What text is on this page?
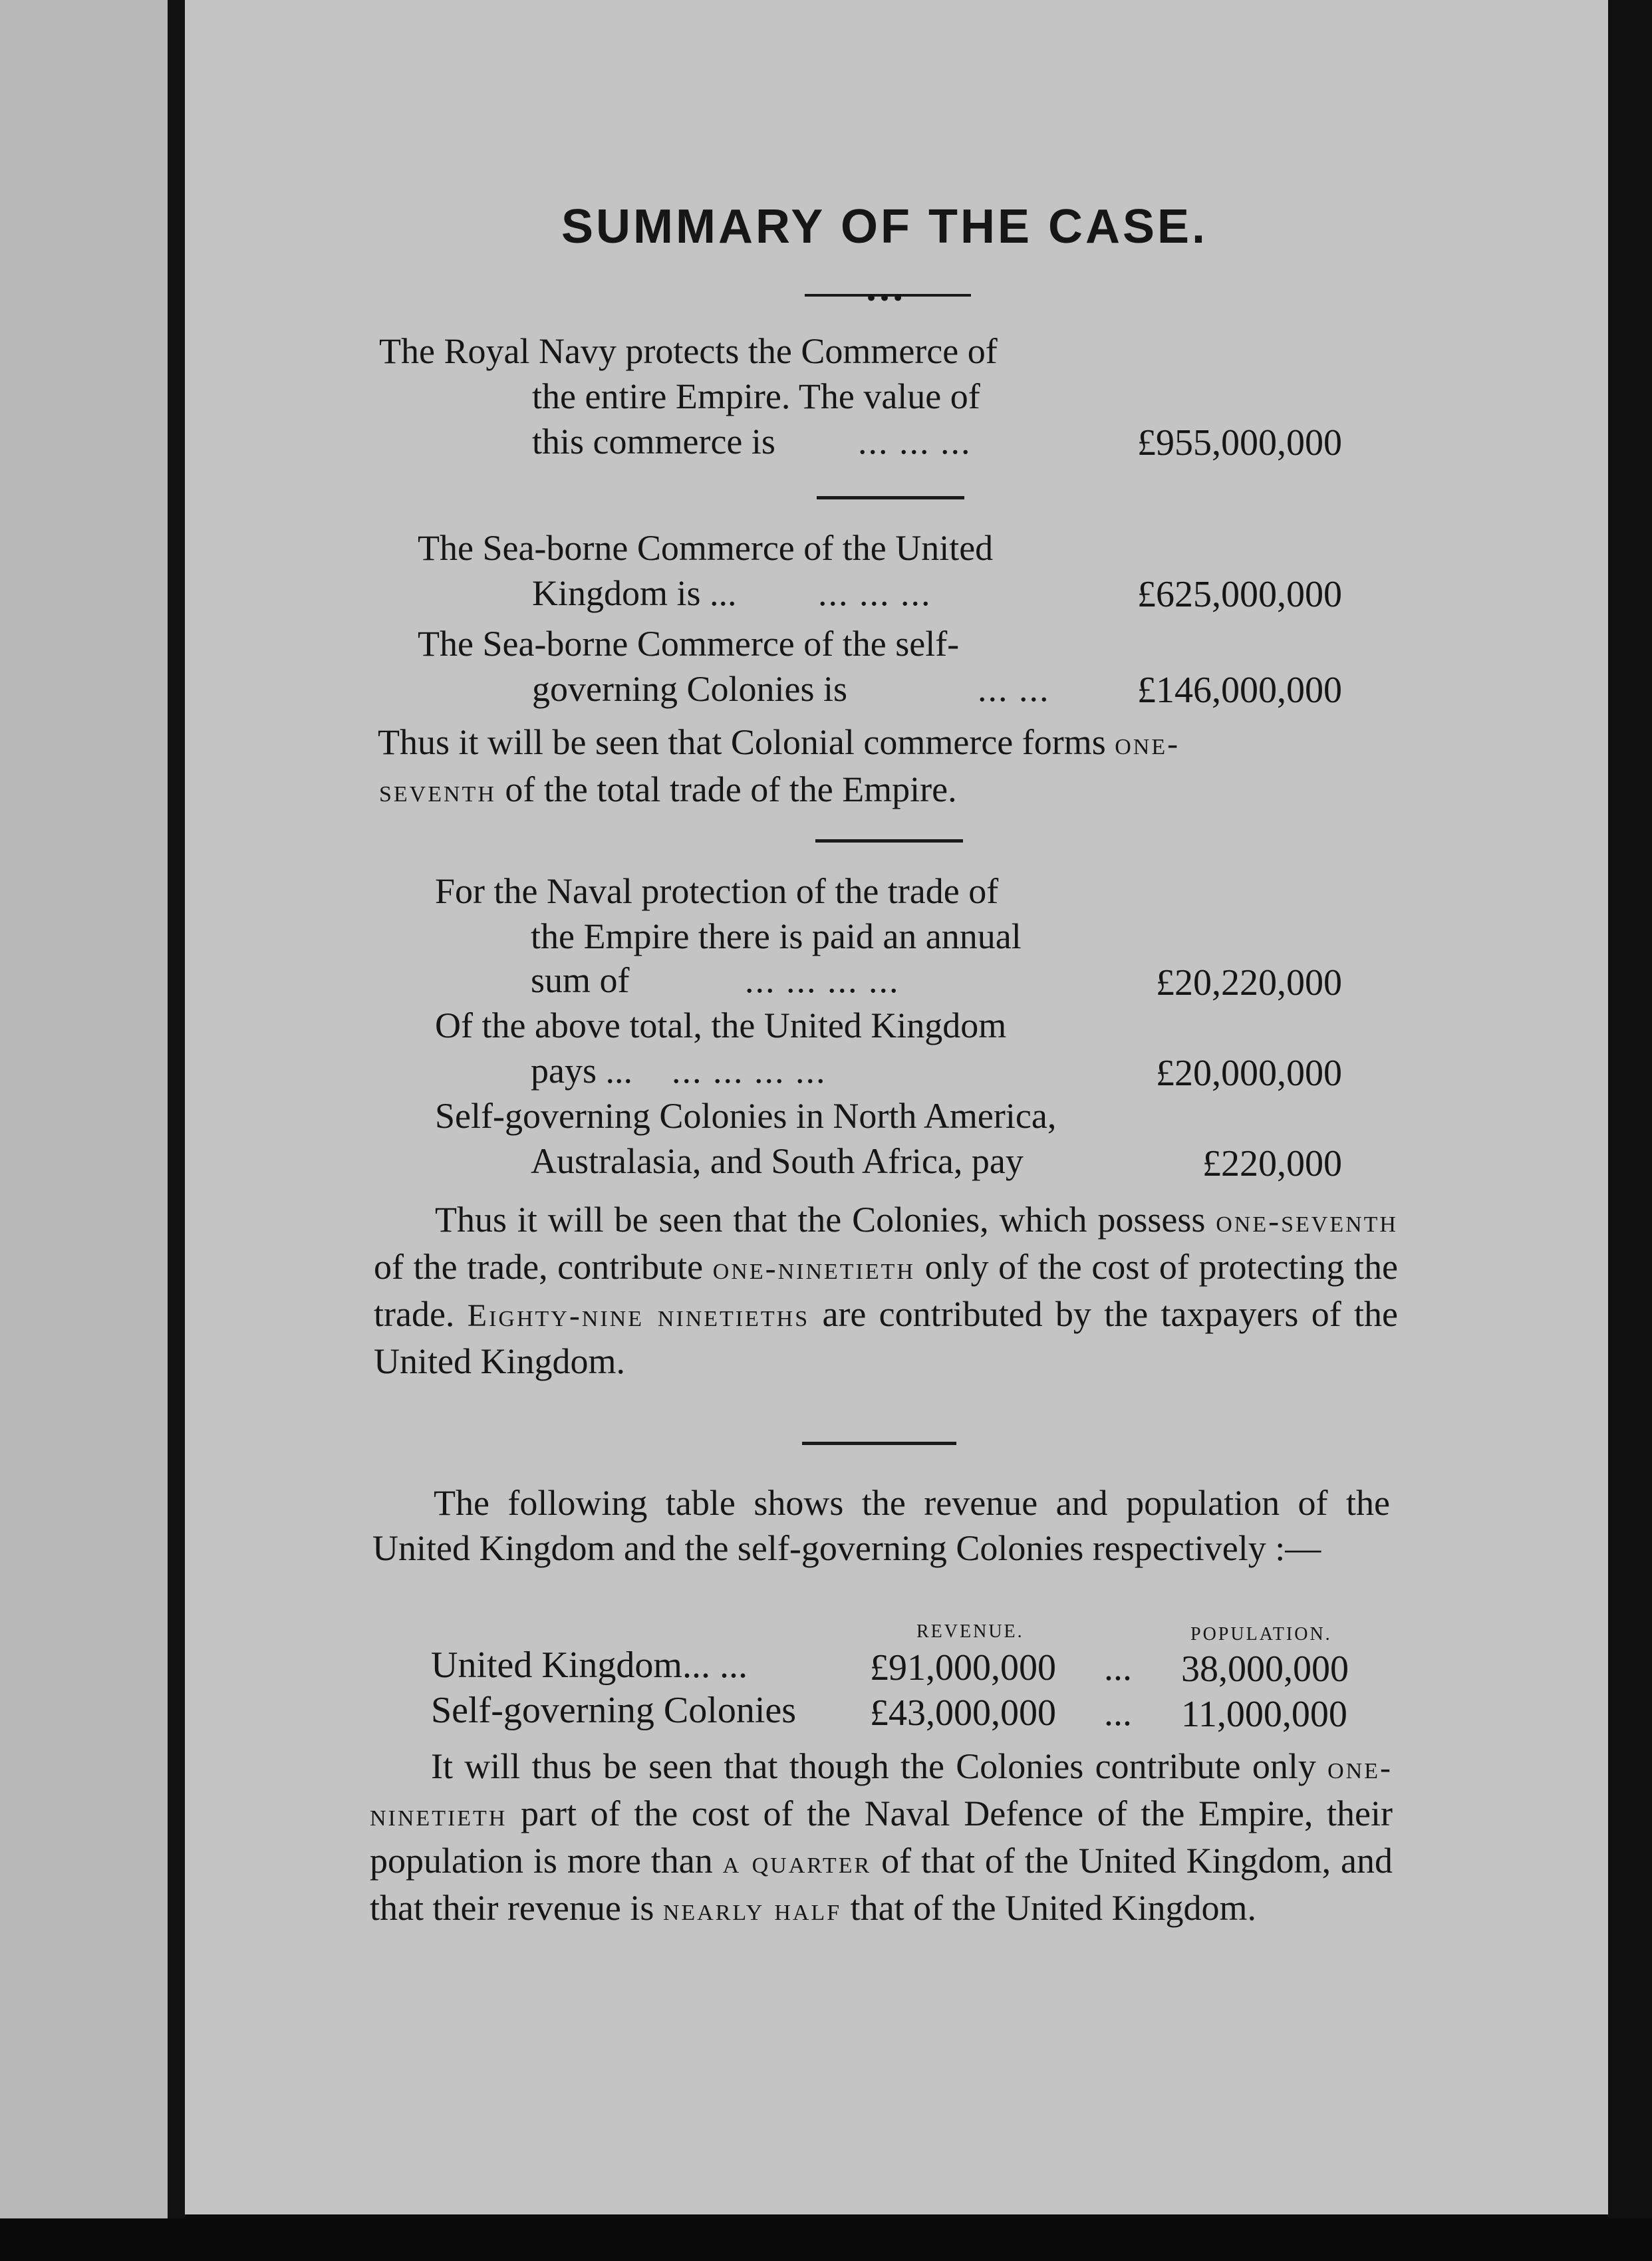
SUMMARY OF THE CASE.
•••
The Royal Navy protects the Commerce of
the entire Empire. The value of
this commerce is ... ... ...	£955,000,000
The Sea-borne Commerce of the United
Kingdom is ... ... ... ...	£625,000,000
The Sea-borne Commerce of the self-
governing Colonies is	... ... £146,000,000
Thus it will be seen that Colonial commerce forms one-
seventh of the total trade of the Empire.
For the Naval protection of the trade of
the Empire there is paid an annual
sum of	... ... ... ...	£20,220,000
Of the above total, the United Kingdom
pays ... ... ... ... ...	£20,000,000
Self-governing Colonies in North America,
Australasia, and South Africa, pay	£220,000
Thus it will be seen that the Colonies, which possess one-seventh of the trade, contribute one-ninetieth only of the cost of protecting the trade. Eighty-nine ninetieths are contributed by the taxpayers of the United Kingdom.
The following table shows the revenue and population of the United Kingdom and the self-governing Colonies respectively :—
REVENUE.	POPULATION.
United Kingdom... ...	£91,000,000 ... 38,000,000
Self-governing Colonies £43,000,000 ... 11,000,000
It will thus be seen that though the Colonies contribute only one-ninetieth part of the cost of the Naval Defence of the Empire, their population is more than a quarter of that of the United Kingdom, and that their revenue is nearly half that of the United Kingdom.
